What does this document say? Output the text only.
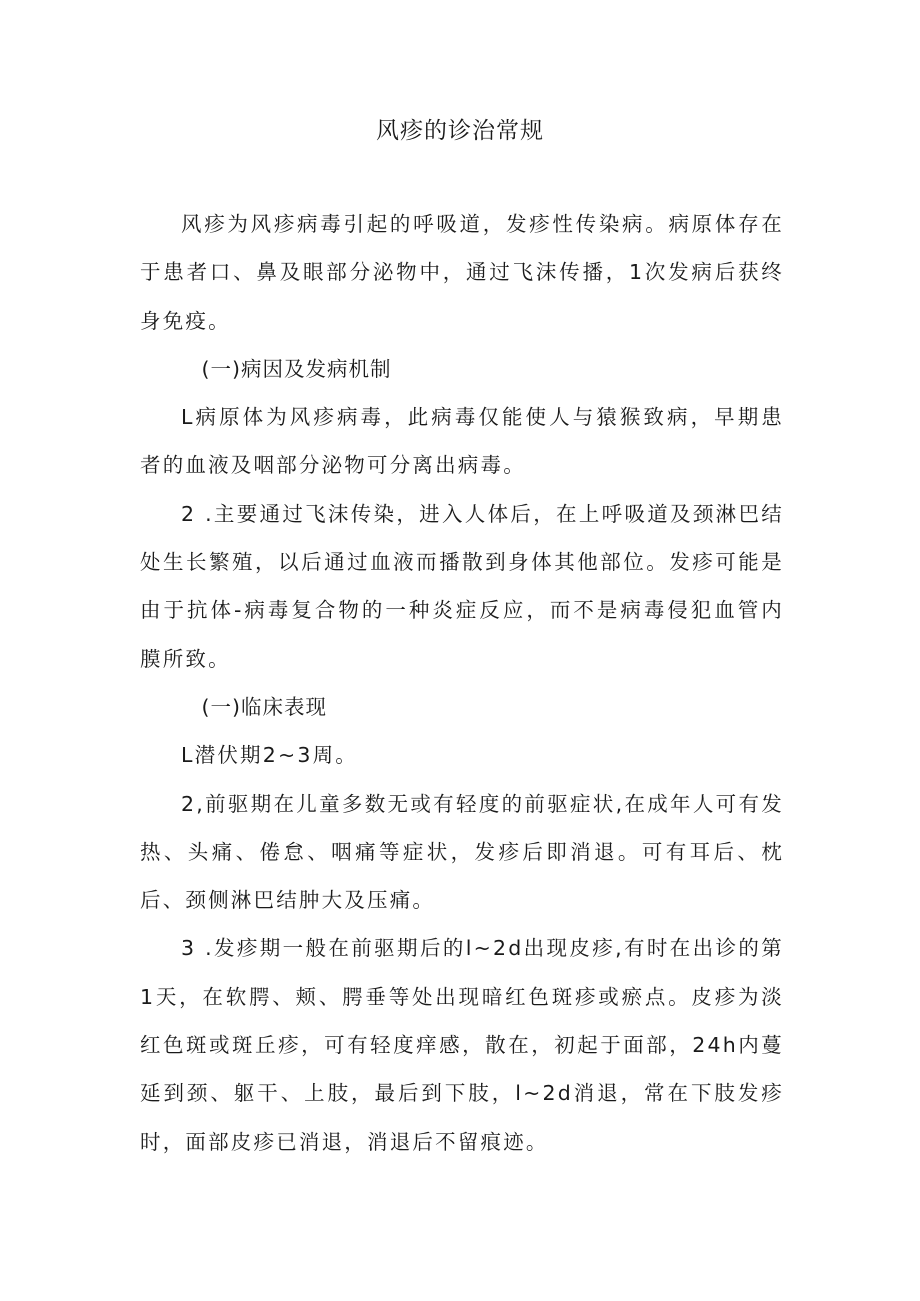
风疹的诊治常规

风疹为风疹病毒引起的呼吸道，发疹性传染病。病原体存在于患者口、鼻及眼部分泌物中，通过飞沫传播，1次发病后获终身免疫。

(一)病因及发病机制

L病原体为风疹病毒，此病毒仅能使人与猿猴致病，早期患者的血液及咽部分泌物可分离出病毒。

2 .主要通过飞沫传染，进入人体后，在上呼吸道及颈淋巴结处生长繁殖，以后通过血液而播散到身体其他部位。发疹可能是由于抗体-病毒复合物的一种炎症反应，而不是病毒侵犯血管内膜所致。

(一)临床表现

L潜伏期2~3周。

2,前驱期在儿童多数无或有轻度的前驱症状,在成年人可有发热、头痛、倦怠、咽痛等症状，发疹后即消退。可有耳后、枕后、颈侧淋巴结肿大及压痛。

3 .发疹期一般在前驱期后的l~2d出现皮疹,有时在出诊的第1天，在软腭、颊、腭垂等处出现暗红色斑疹或瘀点。皮疹为淡红色斑或斑丘疹，可有轻度痒感，散在，初起于面部，24h内蔓延到颈、躯干、上肢，最后到下肢，l~2d消退，常在下肢发疹时，面部皮疹已消退，消退后不留痕迹。
